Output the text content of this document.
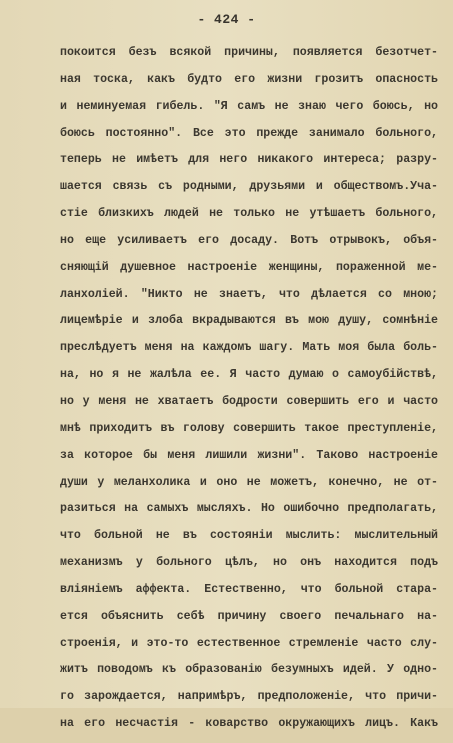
- 424 -
покоится безъ всякой причины, появляется безотчет-
ная тоска, какъ будто его жизни грозитъ опасность
и неминуемая гибель. "Я самъ не знаю чего боюсь, но
боюсь постоянно". Все это прежде занимало больного,
теперь не имѣетъ для него никакого интереса; разру-
шается связь съ родными, друзьями и обществомъ.Уча-
стіе близкихъ людей не только не утѣшаетъ больного,
но еще усиливаетъ его досаду. Вотъ отрывокъ, объя-
сняющій душевное настроеніе женщины, пораженной ме-
ланхоліей. "Никто не знаетъ, что дѣлается со мною;
лицемѣріе и злоба вкрадываются въ мою душу, сомнѣніе
преслѣдуетъ меня на каждомъ шагу. Мать моя была боль-
на, но я не жалѣла ее. Я часто думаю о самоубійствѣ,
но у меня не хватаетъ бодрости совершить его и часто
мнѣ приходитъ въ голову совершить такое преступленіе,
за которое бы меня лишили жизни". Таково настроеніе
души у меланхолика и оно не можетъ, конечно, не от-
разиться на самыхъ мысляхъ. Но ошибочно предполагать,
что больной не въ состояніи мыслить: мыслительный
механизмъ у больного цѣлъ, но онъ находится подъ
вліяніемъ аффекта. Естественно, что больной стара-
ется объяснить себѣ причину своего печальнаго на-
строенія, и это-то естественное стремленіе часто слу-
житъ поводомъ къ образованію безумныхъ идей. У одно-
го зарождается, напримѣръ, предположеніе, что причи-
на его несчастія - коварство окружающихъ лицъ. Какъ
